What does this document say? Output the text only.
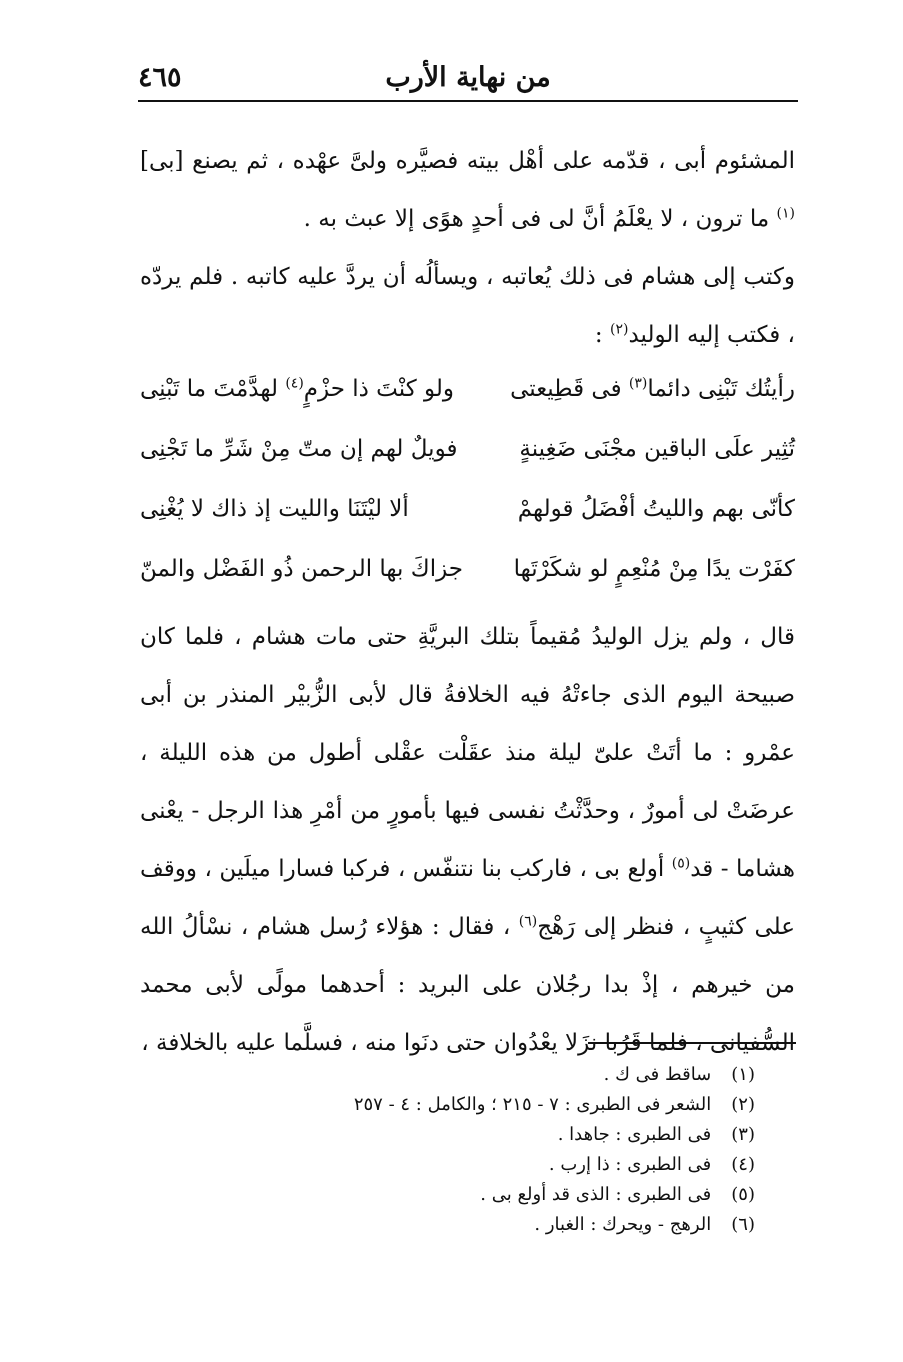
من نهاية الأرب
٤٦٥
المشئوم أبى ، قدّمه على أهْل بيته فصيَّره ولىَّ عهْده ، ثم يصنع [بى]$^{(١)}$ ما ترون ، لا يعْلَمُ أنَّ لى فى أحدٍ هوًى إلا عبث به .
وكتب إلى هشام فى ذلك يُعاتبه ، ويسألُه أن يردَّ عليه كاتبه . فلم يردّه ، فكتب إليه الوليد$^{(٢)}$ :
رأيتُك تَبْنِى دائما$^{(٣)}$ فى قَطِيعتى
ولو كنْتَ ذا حزْمٍ$^{(٤)}$ لهدَّمْتَ ما تَبْنِى
تُثِير علَى الباقين مجْنَى ضَغِينةٍ
فويلٌ لهم إن متّ مِنْ شَرِّ ما تَجْنِى
كأنّى بهم والليتُ أفْضَلُ قولهمْ
ألا ليْتَنَا والليت إذ ذاك لا يُغْنِى
كفَرْت يدًا مِنْ مُنْعِمٍ لو شكَرْتَها
جزاكَ بها الرحمن ذُو الفَضْل والمنّ
قال ، ولم يزل الوليدُ مُقيماً بتلك البريَّةِ حتى مات هشام ، فلما كان صبيحة اليوم الذى جاءتْهُ فيه الخلافةُ قال لأبى الزُّبيْر المنذر بن أبى عمْرو : ما أتَتْ علىّ ليلة منذ عقَلْت عقْلى أطول من هذه الليلة ، عرضَتْ لى أمورٌ ، وحدَّثْتُ نفسى فيها بأمورٍ من أمْرِ هذا الرجل - يعْنى هشاما - قد$^{(٥)}$ أولع بى ، فاركب بنا نتنفّس ، فركبا فسارا ميلَين ، ووقف على كثيبٍ ، فنظر إلى رَهْج$^{(٦)}$ ، فقال : هؤلاء رُسل هشام ، نسْألُ الله من خيرهم ، إذْ بدا رجُلان على البريد : أحدهما مولًى لأبى محمد السُّفيانى ، فلما قَرُبا نزَلا يعْدُوان حتى دنَوا منه ، فسلَّما عليه بالخلافة ،
(١) ساقط فى ك .
(٢) الشعر فى الطبرى : ٧ - ٢١٥ ؛ والكامل : ٤ - ٢٥٧
(٣) فى الطبرى : جاهدا .
(٤) فى الطبرى : ذا إرب .
(٥) فى الطبرى : الذى قد أولع بى .
(٦) الرهج - ويحرك : الغبار .
